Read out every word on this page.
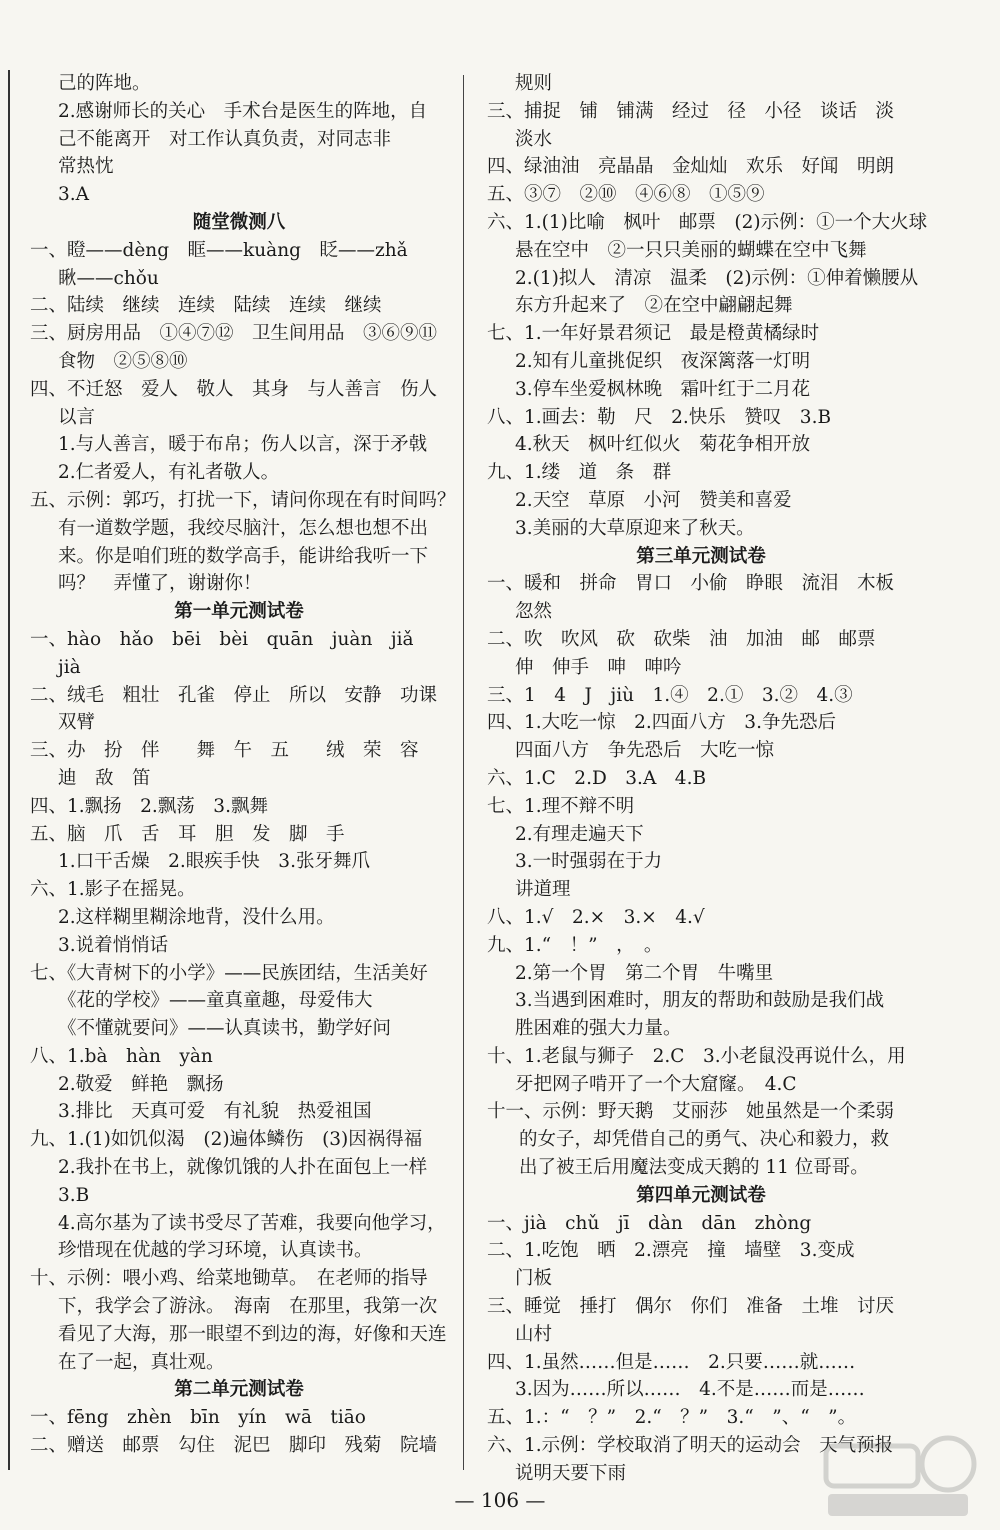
己的阵地。
2.感谢师长的关心　手术台是医生的阵地，自
己不能离开　对工作认真负责，对同志非
常热忱
3.A
随堂微测八
一、瞪——dèng　眶——kuàng　眨——zhǎ
瞅——chǒu
二、陆续　继续　连续　陆续　连续　继续
三、厨房用品　①④⑦⑫　卫生间用品　③⑥⑨⑪
食物　②⑤⑧⑩
四、不迁怒　爱人　敬人　其身　与人善言　伤人
以言
1.与人善言，暖于布帛；伤人以言，深于矛戟
2.仁者爱人，有礼者敬人。
五、示例：郭巧，打扰一下，请问你现在有时间吗？
有一道数学题，我绞尽脑汁，怎么想也想不出
来。你是咱们班的数学高手，能讲给我听一下
吗？　弄懂了，谢谢你！
第一单元测试卷
一、hào　hǎo　bēi　bèi　quān　juàn　jiǎ
jià
二、绒毛　粗壮　孔雀　停止　所以　安静　功课
双臂
三、办　扮　伴　　舞　午　五　　绒　荣　容
迪　敌　笛
四、1.飘扬　2.飘荡　3.飘舞
五、脑　爪　舌　耳　胆　发　脚　手
1.口干舌燥　2.眼疾手快　3.张牙舞爪
六、1.影子在摇晃。
2.这样糊里糊涂地背，没什么用。
3.说着悄悄话
七、《大青树下的小学》——民族团结，生活美好
《花的学校》——童真童趣，母爱伟大
《不懂就要问》——认真读书，勤学好问
八、1.bà　hàn　yàn
2.敬爱　鲜艳　飘扬
3.排比　天真可爱　有礼貌　热爱祖国
九、1.(1)如饥似渴　(2)遍体鳞伤　(3)因祸得福
2.我扑在书上，就像饥饿的人扑在面包上一样
3.B
4.高尔基为了读书受尽了苦难，我要向他学习，
珍惜现在优越的学习环境，认真读书。
十、示例：喂小鸡、给菜地锄草。　在老师的指导
下，我学会了游泳。　海南　在那里，我第一次
看见了大海，那一眼望不到边的海，好像和天连
在了一起，真壮观。
第二单元测试卷
一、fēng　zhèn　bīn　yín　wā　tiāo
二、赠送　邮票　勾住　泥巴　脚印　残菊　院墙
规则
三、捕捉　铺　铺满　经过　径　小径　谈话　淡
淡水
四、绿油油　亮晶晶　金灿灿　欢乐　好闻　明朗
五、③⑦　②⑩　④⑥⑧　①⑤⑨
六、1.(1)比喻　枫叶　邮票　(2)示例：①一个大火球
悬在空中　②一只只美丽的蝴蝶在空中飞舞
2.(1)拟人　清凉　温柔　(2)示例：①伸着懒腰从
东方升起来了　②在空中翩翩起舞
七、1.一年好景君须记　最是橙黄橘绿时
2.知有儿童挑促织　夜深篱落一灯明
3.停车坐爱枫林晚　霜叶红于二月花
八、1.画去：勒　尺　2.快乐　赞叹　3.B
4.秋天　枫叶红似火　菊花争相开放
九、1.缕　道　条　群
2.天空　草原　小河　赞美和喜爱
3.美丽的大草原迎来了秋天。
第三单元测试卷
一、暖和　拼命　胃口　小偷　睁眼　流泪　木板
忽然
二、吹　吹风　砍　砍柴　油　加油　邮　邮票
伸　伸手　呻　呻吟
三、1　4　J　jiù　1.④　2.①　3.②　4.③
四、1.大吃一惊　2.四面八方　3.争先恐后
四面八方　争先恐后　大吃一惊
六、1.C　2.D　3.A　4.B
七、1.理不辩不明
2.有理走遍天下
3.一时强弱在于力
讲道理
八、1.√　2.×　3.×　4.√
九、1.“　！”　，　。
2.第一个胃　第二个胃　牛嘴里
3.当遇到困难时，朋友的帮助和鼓励是我们战
胜困难的强大力量。
十、1.老鼠与狮子　2.C　3.小老鼠没再说什么，用
牙把网子啃开了一个大窟窿。　4.C
十一、示例：野天鹅　艾丽莎　她虽然是一个柔弱
的女子，却凭借自己的勇气、决心和毅力，救
出了被王后用魔法变成天鹅的 11 位哥哥。
第四单元测试卷
一、jià　chǔ　jī　dàn　dān　zhòng
二、1.吃饱　晒　2.漂亮　撞　墙壁　3.变成
门板
三、睡觉　捶打　偶尔　你们　准备　土堆　讨厌
山村
四、1.虽然……但是……　2.只要……就……
3.因为……所以……　4.不是……而是……
五、1.：“　？”　2.“　？”　3.“　”、“　”。
六、1.示例：学校取消了明天的运动会　天气预报
说明天要下雨
— 106 —
